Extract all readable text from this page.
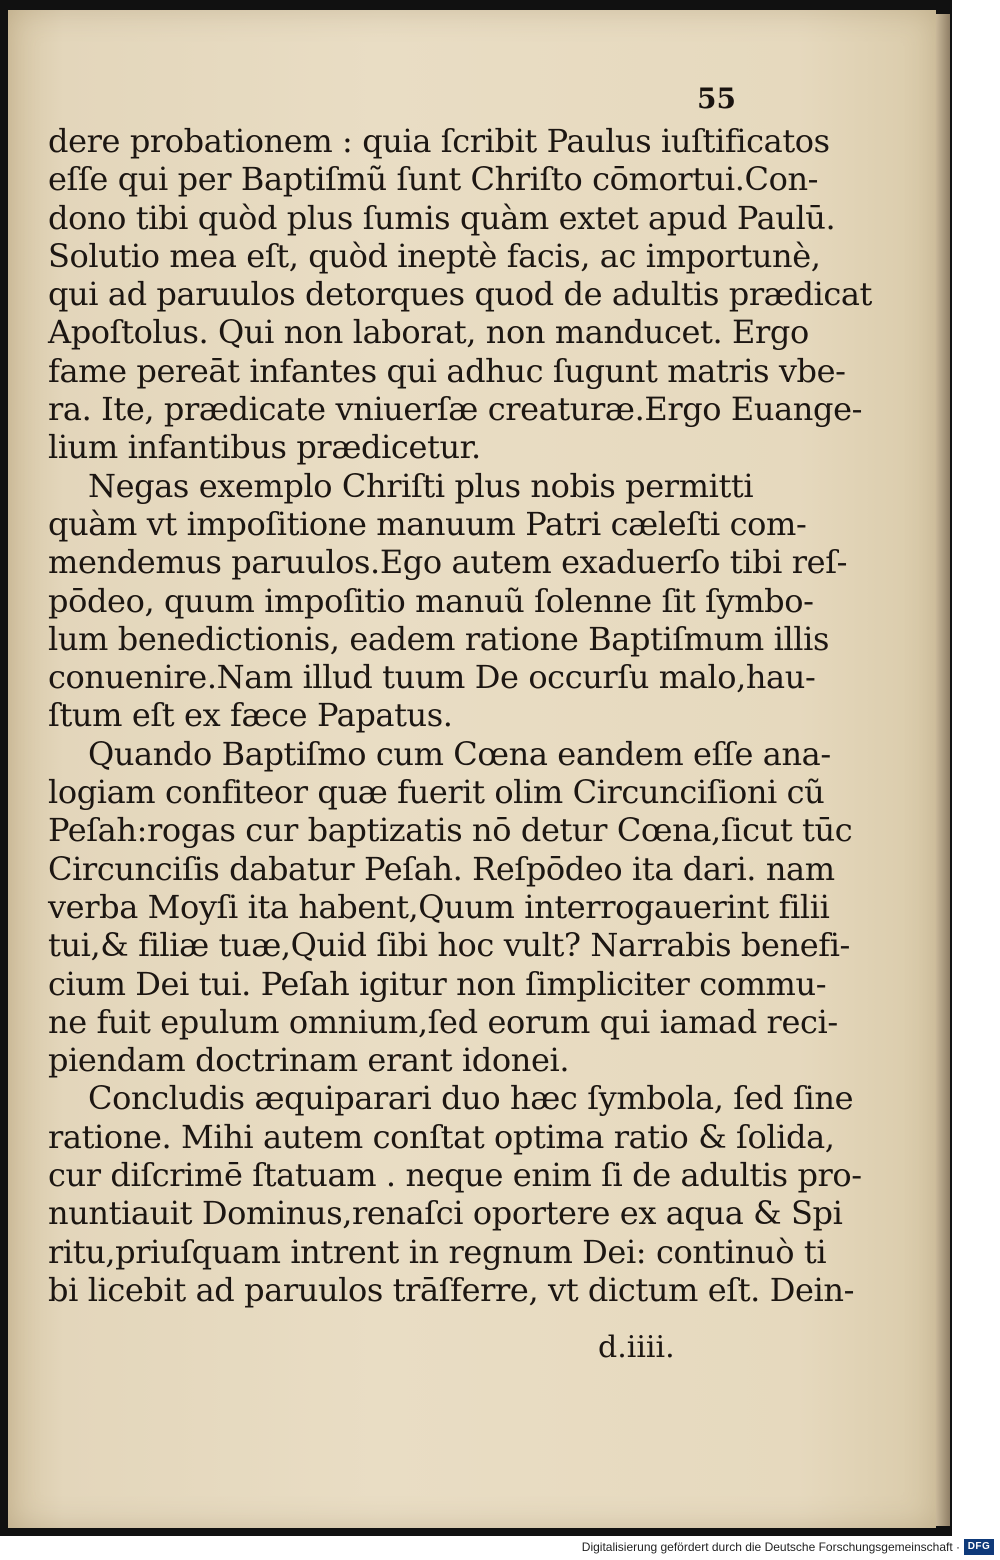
55
dere probationem : quia ſcribit Paulus iuſtificatos
eſſe qui per Baptiſmũ ſunt Chriſto cōmortui.Con-
dono tibi quòd plus ſumis quàm extet apud Paulū.
Solutio mea eſt, quòd ineptè facis, ac importunè,
qui ad paruulos detorques quod de adultis prædicat
Apoſtolus. Qui non laborat, non manducet. Ergo
fame pereāt infantes qui adhuc ſugunt matris vbe-
ra. Ite, prædicate vniuerſæ creaturæ.Ergo Euange-
lium infantibus prædicetur.
Negas exemplo Chriſti plus nobis permitti
quàm vt impoſitione manuum Patri cæleſti com-
mendemus paruulos.Ego autem exaduerſo tibi reſ-
pōdeo, quum impoſitio manuũ ſolenne ſit ſymbo-
lum benedictionis, eadem ratione Baptiſmum illis
conuenire.Nam illud tuum De occurſu malo,hau-
ſtum eſt ex fæce Papatus.
Quando Baptiſmo cum Cœna eandem eſſe ana-
logiam confiteor quæ fuerit olim Circunciſioni cũ
Peſah:rogas cur baptizatis nō detur Cœna,ſicut tūc
Circunciſis dabatur Peſah. Reſpōdeo ita dari. nam
verba Moyſi ita habent,Quum interrogauerint filii
tui,& filiæ tuæ,Quid ſibi hoc vult? Narrabis benefi-
cium Dei tui. Peſah igitur non ſimpliciter commu-
ne fuit epulum omnium,ſed eorum qui iamad reci-
piendam doctrinam erant idonei.
Concludis æquiparari duo hæc ſymbola, ſed ſine
ratione. Mihi autem conſtat optima ratio & ſolida,
cur diſcrimē ſtatuam . neque enim ſi de adultis pro-
nuntiauit Dominus,renaſci oportere ex aqua & Spi
ritu,priuſquam intrent in regnum Dei: continuò ti
bi licebit ad paruulos trāſferre, vt dictum eſt. Dein-
d.iiii.
Digitalisierung gefördert durch die Deutsche Forschungsgemeinschaft · DFG
